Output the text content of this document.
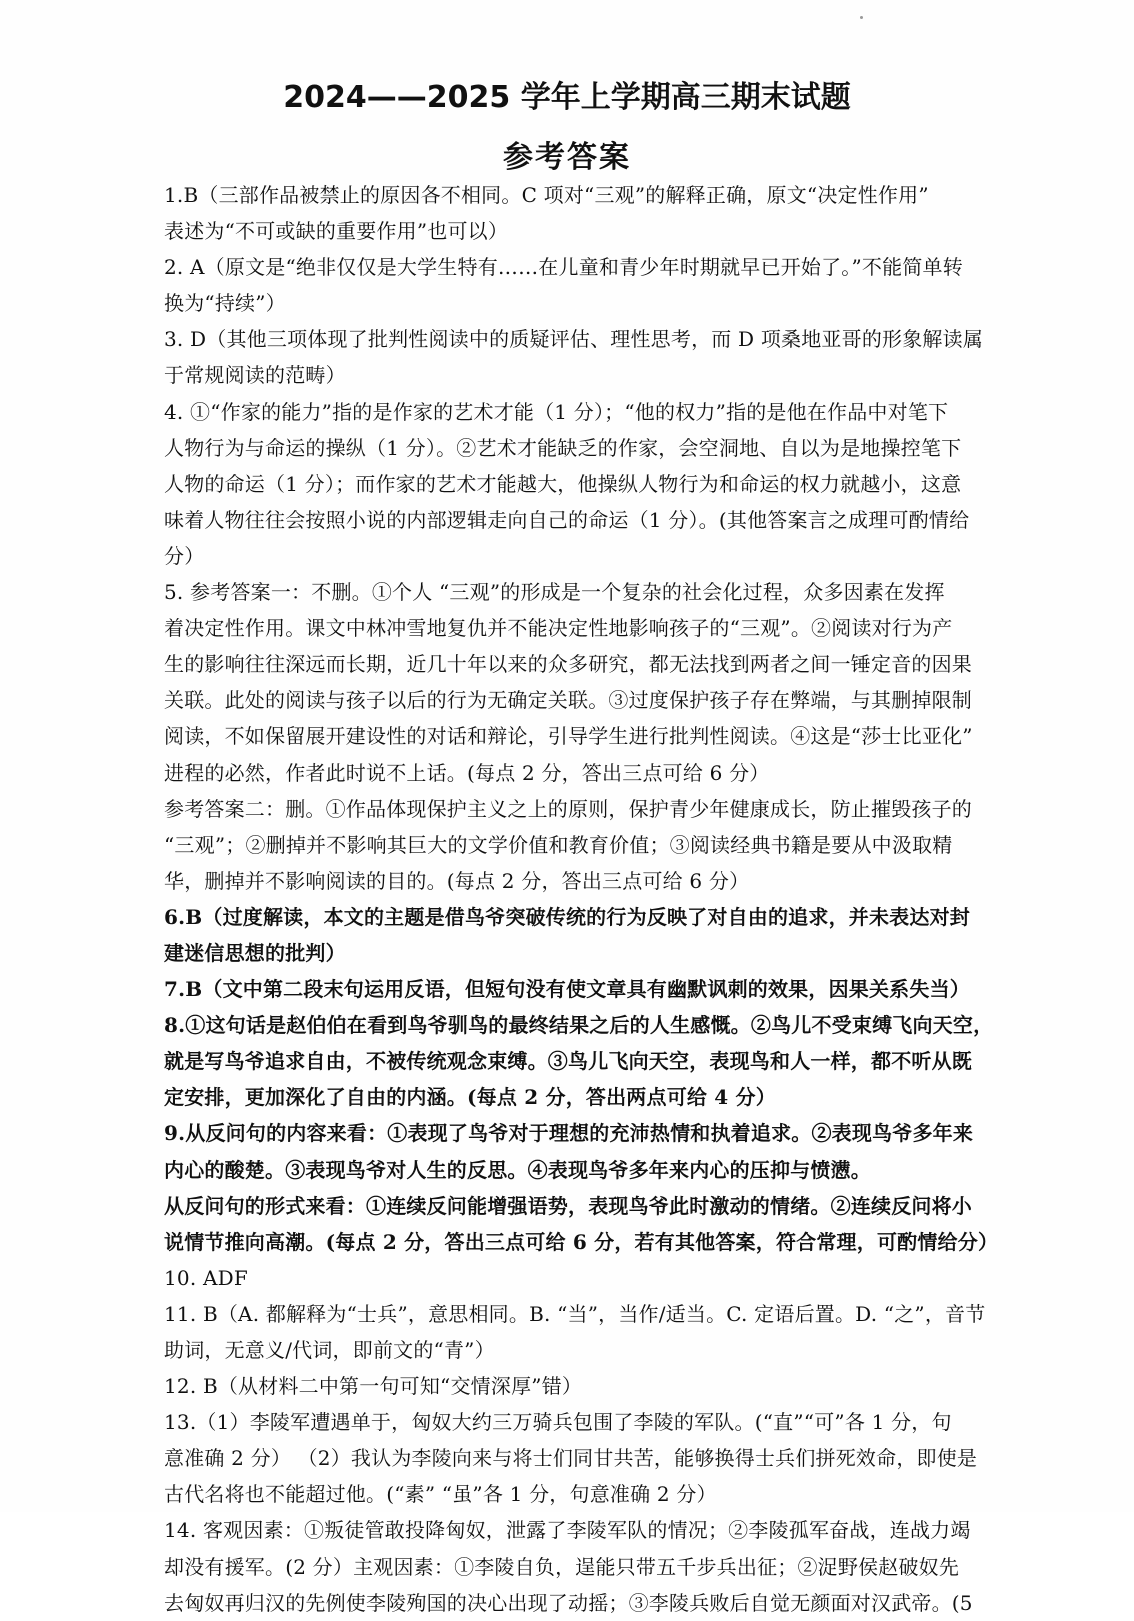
2024——2025 学年上学期高三期末试题
参考答案
1.B（三部作品被禁止的原因各不相同。C 项对“三观”的解释正确，原文“决定性作用”
表述为“不可或缺的重要作用”也可以）
2. A（原文是“绝非仅仅是大学生特有……在儿童和青少年时期就早已开始了。”不能简单转
换为“持续”）
3. D（其他三项体现了批判性阅读中的质疑评估、理性思考，而 D 项桑地亚哥的形象解读属
于常规阅读的范畴）
4. ①“作家的能力”指的是作家的艺术才能（1 分）；“他的权力”指的是他在作品中对笔下
人物行为与命运的操纵（1 分）。②艺术才能缺乏的作家，会空洞地、自以为是地操控笔下
人物的命运（1 分）；而作家的艺术才能越大，他操纵人物行为和命运的权力就越小，这意
味着人物往往会按照小说的内部逻辑走向自己的命运（1 分）。(其他答案言之成理可酌情给
分）
5. 参考答案一：不删。①个人 “三观”的形成是一个复杂的社会化过程，众多因素在发挥
着决定性作用。课文中林冲雪地复仇并不能决定性地影响孩子的“三观”。②阅读对行为产
生的影响往往深远而长期，近几十年以来的众多研究，都无法找到两者之间一锤定音的因果
关联。此处的阅读与孩子以后的行为无确定关联。③过度保护孩子存在弊端，与其删掉限制
阅读，不如保留展开建设性的对话和辩论，引导学生进行批判性阅读。④这是“莎士比亚化”
进程的必然，作者此时说不上话。(每点 2 分，答出三点可给 6 分）
参考答案二：删。①作品体现保护主义之上的原则，保护青少年健康成长，防止摧毁孩子的
“三观”；②删掉并不影响其巨大的文学价值和教育价值；③阅读经典书籍是要从中汲取精
华，删掉并不影响阅读的目的。(每点 2 分，答出三点可给 6 分）
6.B（过度解读，本文的主题是借鸟爷突破传统的行为反映了对自由的追求，并未表达对封
建迷信思想的批判）
7.B（文中第二段末句运用反语，但短句没有使文章具有幽默讽刺的效果，因果关系失当）
8.①这句话是赵伯伯在看到鸟爷驯鸟的最终结果之后的人生感慨。②鸟儿不受束缚飞向天空，
就是写鸟爷追求自由，不被传统观念束缚。③鸟儿飞向天空，表现鸟和人一样，都不听从既
定安排，更加深化了自由的内涵。(每点 2 分，答出两点可给 4 分）
9.从反问句的内容来看：①表现了鸟爷对于理想的充沛热情和执着追求。②表现鸟爷多年来
内心的酸楚。③表现鸟爷对人生的反思。④表现鸟爷多年来内心的压抑与愤懑。
从反问句的形式来看：①连续反问能增强语势，表现鸟爷此时激动的情绪。②连续反问将小
说情节推向高潮。(每点 2 分，答出三点可给 6 分，若有其他答案，符合常理，可酌情给分）
10. ADF
11. B（A. 都解释为“士兵”，意思相同。B. “当”，当作/适当。C. 定语后置。D. “之”，音节
助词，无意义/代词，即前文的“青”）
12. B（从材料二中第一句可知“交情深厚”错）
13.（1）李陵军遭遇单于，匈奴大约三万骑兵包围了李陵的军队。(“直”“可”各 1 分，句
意准确 2 分） （2）我认为李陵向来与将士们同甘共苦，能够换得士兵们拼死效命，即使是
古代名将也不能超过他。(“素” “虽”各 1 分，句意准确 2 分）
14. 客观因素：①叛徒管敢投降匈奴，泄露了李陵军队的情况；②李陵孤军奋战，连战力竭
却没有援军。(2 分）主观因素：①李陵自负，逞能只带五千步兵出征；②浞野侯赵破奴先
去匈奴再归汉的先例使李陵殉国的决心出现了动摇；③李陵兵败后自觉无颜面对汉武帝。(5
